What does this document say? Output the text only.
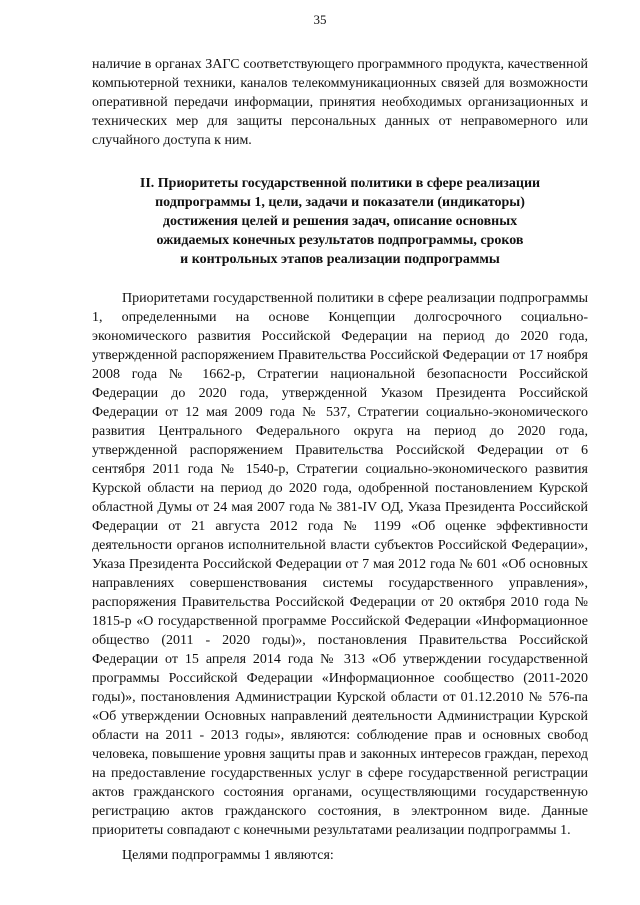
35

наличие в органах ЗАГС соответствующего программного продукта, качественной компьютерной техники, каналов телекоммуникационных связей для возможности оперативной передачи информации, принятия необходимых организационных и технических мер для защиты персональных данных от неправомерного или случайного доступа к ним.

II. Приоритеты государственной политики в сфере реализации
подпрограммы 1, цели, задачи и показатели (индикаторы)
достижения целей и решения задач, описание основных
ожидаемых конечных результатов подпрограммы, сроков
и контрольных этапов реализации подпрограммы

Приоритетами государственной политики в сфере реализации подпрограммы 1, определенными на основе Концепции долгосрочного социально-экономического развития Российской Федерации на период до 2020 года, утвержденной распоряжением Правительства Российской Федерации от 17 ноября 2008 года № 1662-р, Стратегии национальной безопасности Российской Федерации до 2020 года, утвержденной Указом Президента Российской Федерации от 12 мая 2009 года № 537, Стратегии социально-экономического развития Центрального Федерального округа на период до 2020 года, утвержденной распоряжением Правительства Российской Федерации от 6 сентября 2011 года № 1540-р, Стратегии социально-экономического развития Курской области на период до 2020 года, одобренной постановлением Курской областной Думы от 24 мая 2007 года № 381-IV ОД, Указа Президента Российской Федерации от 21 августа 2012 года № 1199 «Об оценке эффективности деятельности органов исполнительной власти субъектов Российской Федерации», Указа Президента Российской Федерации от 7 мая 2012 года № 601 «Об основных направлениях совершенствования системы государственного управления», распоряжения Правительства Российской Федерации от 20 октября 2010 года № 1815-р «О государственной программе Российской Федерации «Информационное общество (2011 - 2020 годы)», постановления Правительства Российской Федерации от 15 апреля 2014 года № 313 «Об утверждении государственной программы Российской Федерации «Информационное сообщество (2011-2020 годы)», постановления Администрации Курской области от 01.12.2010 № 576-па «Об утверждении Основных направлений деятельности Администрации Курской области на 2011 - 2013 годы», являются: соблюдение прав и основных свобод человека, повышение уровня защиты прав и законных интересов граждан, переход на предоставление государственных услуг в сфере государственной регистрации актов гражданского состояния органами, осуществляющими государственную регистрацию актов гражданского состояния, в электронном виде. Данные приоритеты совпадают с конечными результатами реализации подпрограммы 1.

Целями подпрограммы 1 являются:
